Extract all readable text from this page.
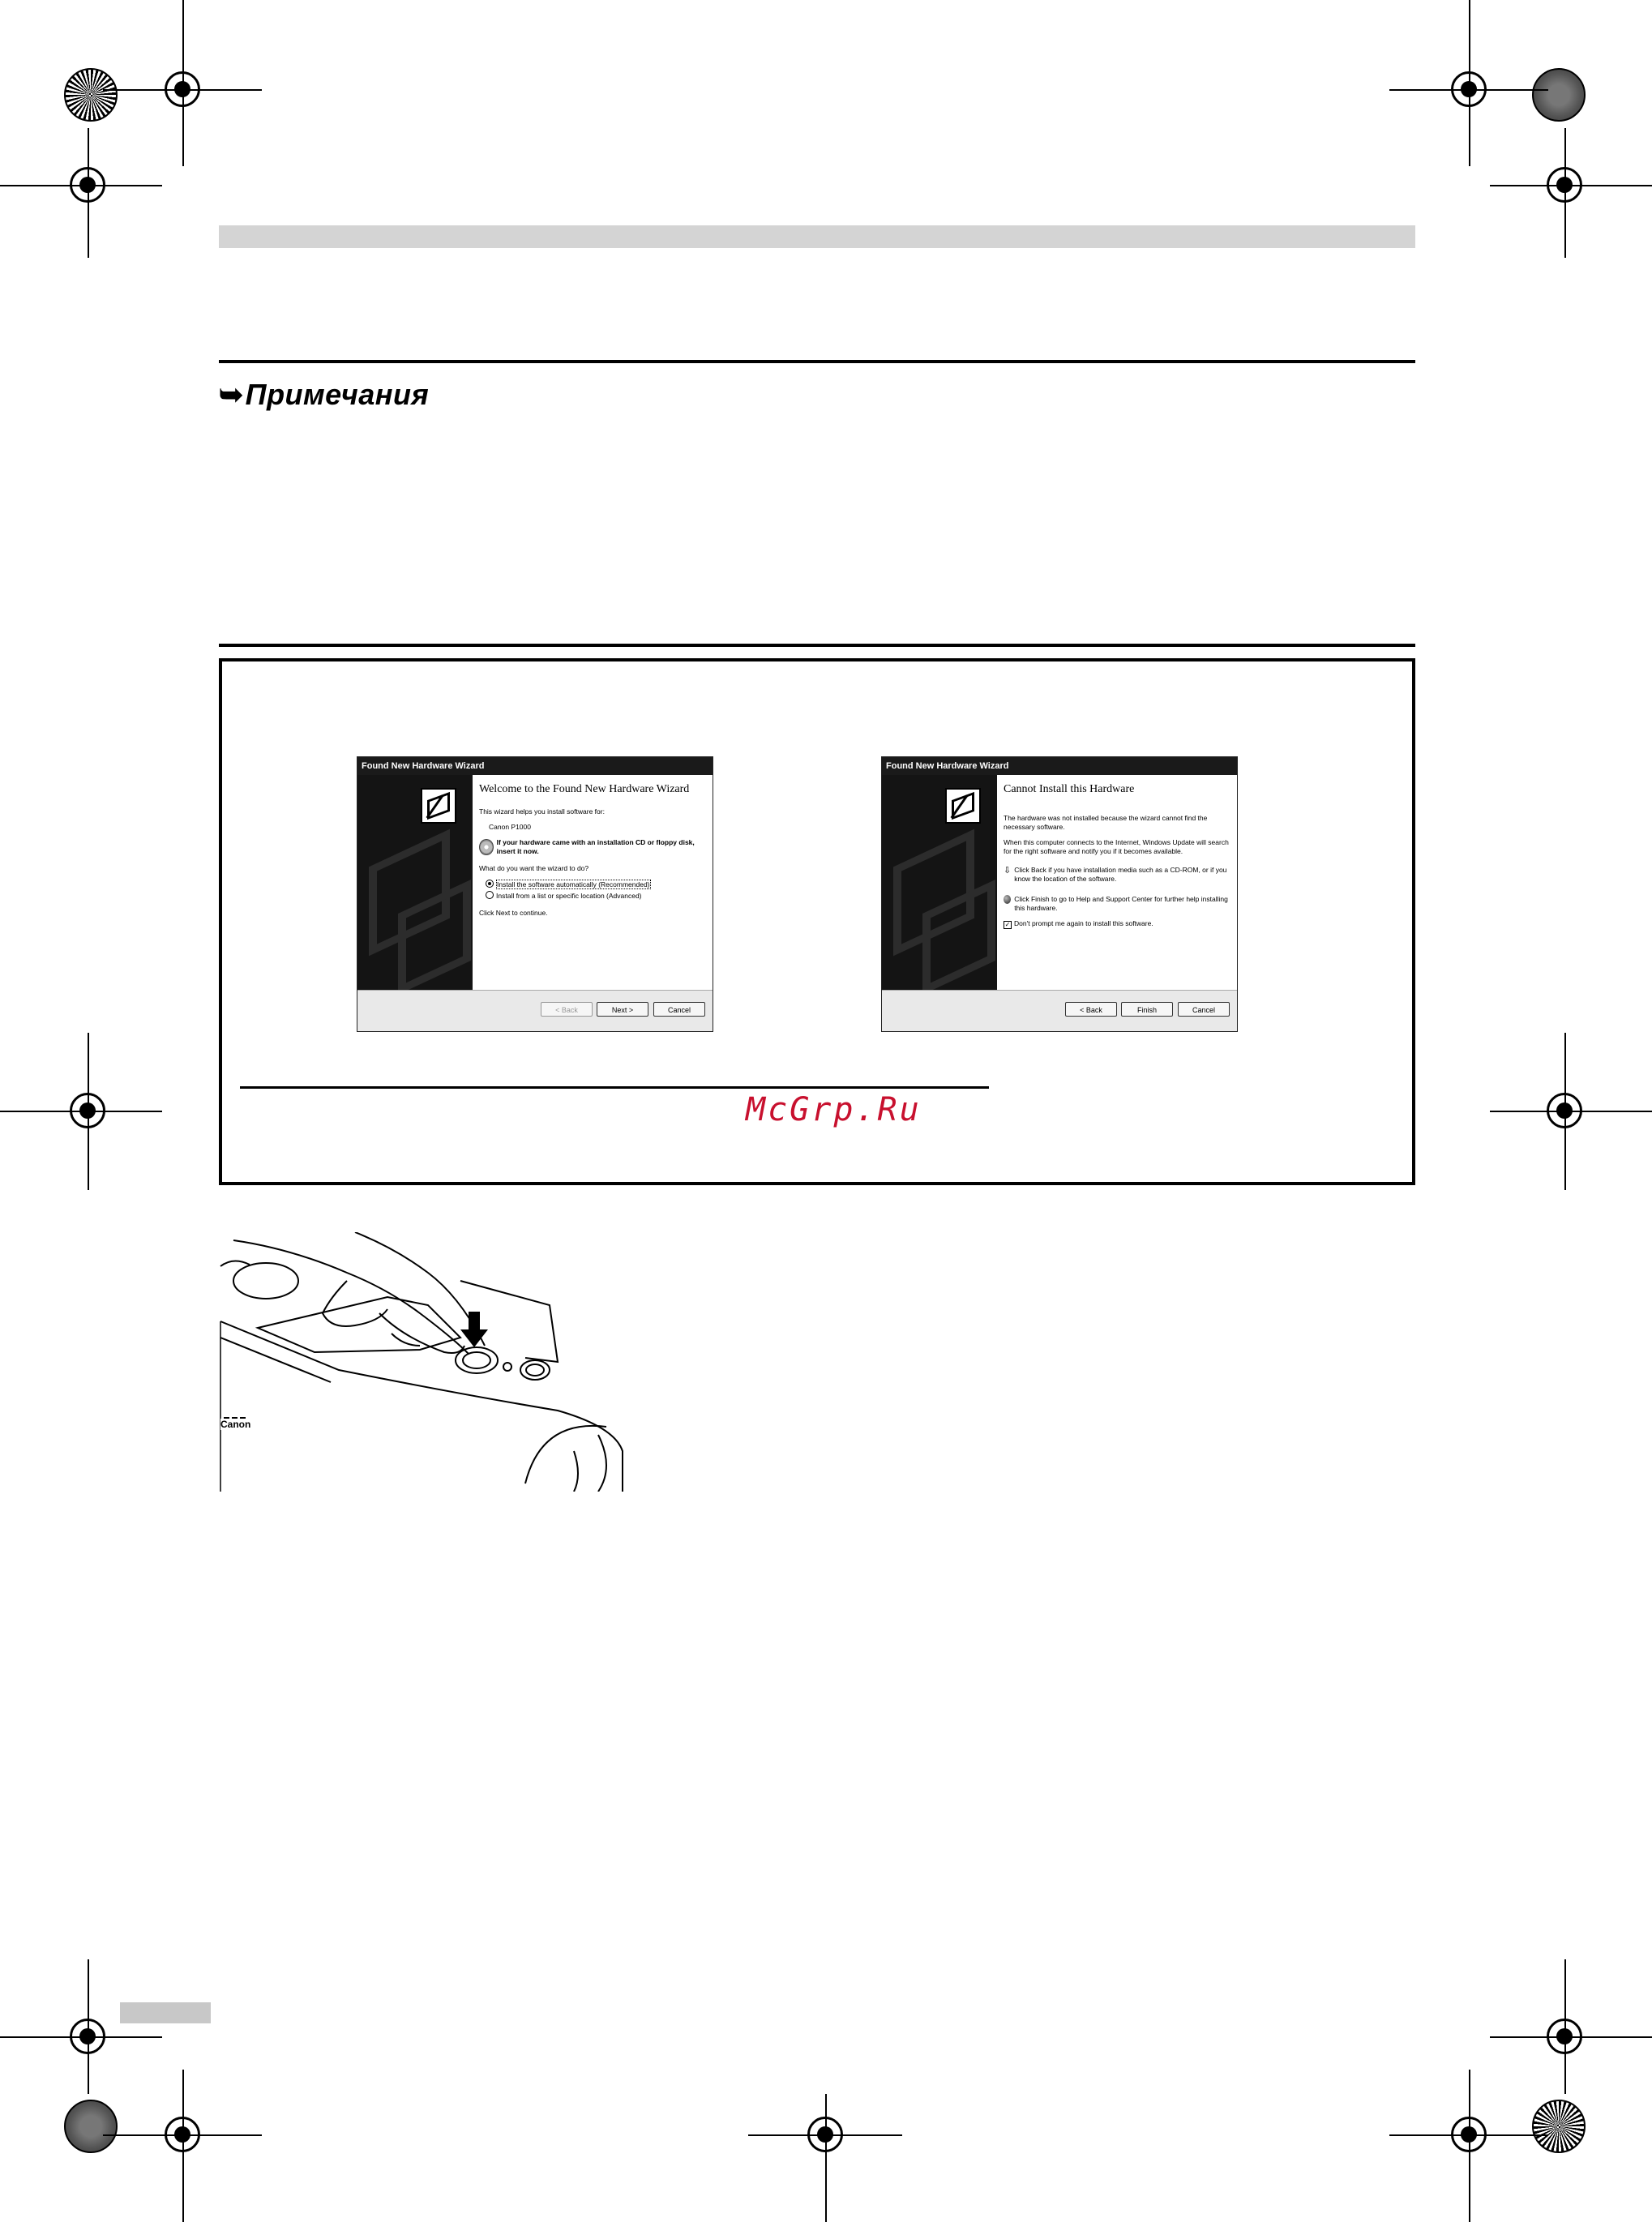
➥Примечания
Found New Hardware Wizard
Welcome to the Found New Hardware Wizard
This wizard helps you install software for:
Canon P1000
If your hardware came with an installation CD or floppy disk, insert it now.
What do you want the wizard to do?
Install the software automatically (Recommended)
Install from a list or specific location (Advanced)
Click Next to continue.
< Back	Next >	Cancel
Found New Hardware Wizard
Cannot Install this Hardware
The hardware was not installed because the wizard cannot find the necessary software.
When this computer connects to the Internet, Windows Update will search for the right software and notify you if it becomes available.
⇩ Click Back if you have installation media such as a CD-ROM, or if you know the location of the software.
Click Finish to go to Help and Support Center for further help installing this hardware.
✓ Don't prompt me again to install this software.
< Back	Finish	Cancel
McGrp.Ru
Canon
